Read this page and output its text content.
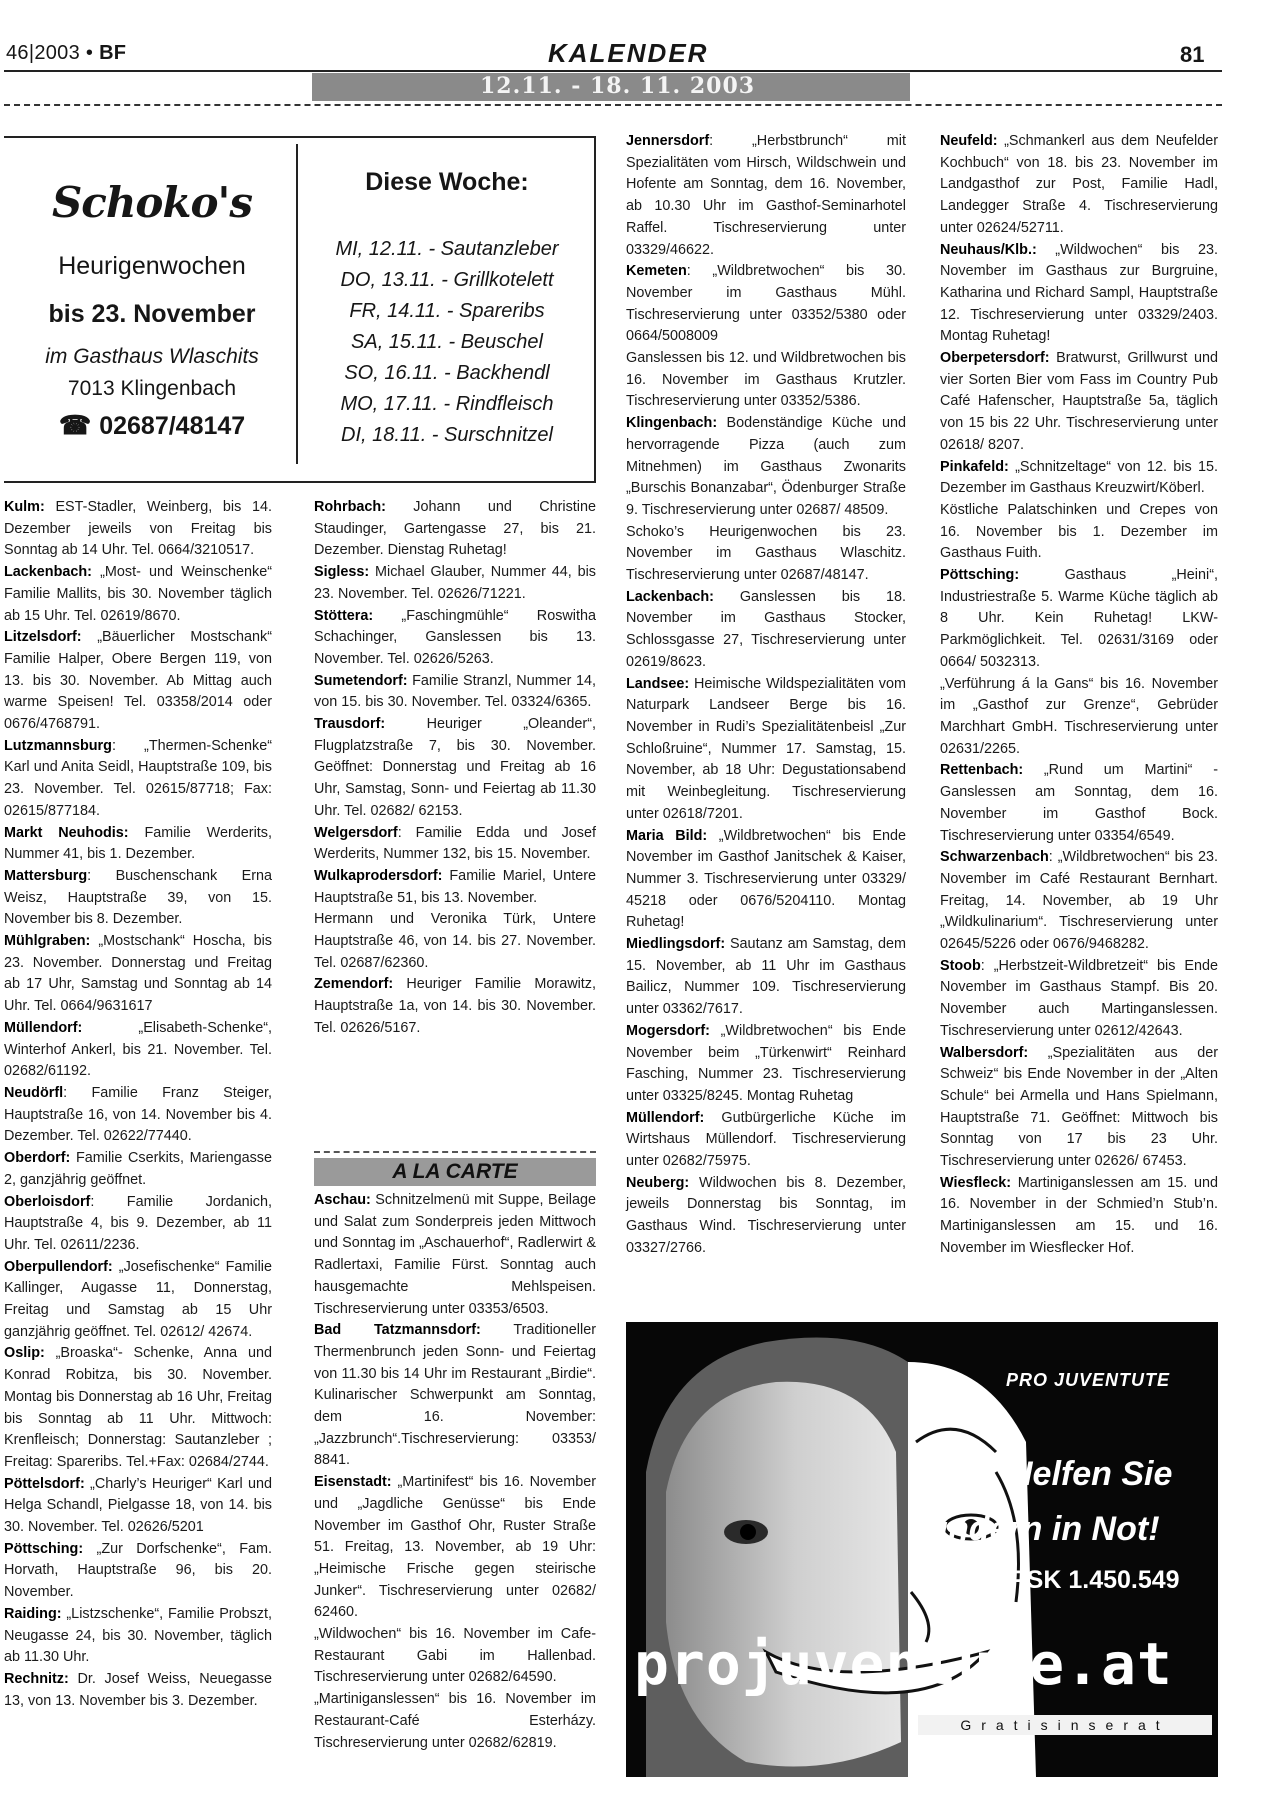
46|2003 • BF	KALENDER	81
12.11. - 18. 11. 2003
Schoko's
Heurigenwochen
bis 23. November
im Gasthaus Wlaschits
7013 Klingenbach
☎ 02687/48147
Diese Woche:
MI, 12.11. - Sautanzleber
DO, 13.11. - Grillkotelett
FR, 14.11. - Spareribs
SA, 15.11. - Beuschel
SO, 16.11. - Backhendl
MO, 17.11. - Rindfleisch
DI, 18.11. - Surschnitzel

Kulm: EST-Stadler, Weinberg, bis 14. Dezember jeweils von Freitag bis Sonntag ab 14 Uhr. Tel. 0664/3210517.

Lackenbach: „Most- und Weinschenke“ Familie Mallits, bis 30. November täglich ab 15 Uhr. Tel. 02619/8670.

Litzelsdorf: „Bäuerlicher Mostschank“ Familie Halper, Obere Bergen 119, von 13. bis 30. November. Ab Mittag auch warme Speisen! Tel. 03358/2014 oder 0676/4768791.

Lutzmannsburg: „Thermen-Schenke“ Karl und Anita Seidl, Hauptstraße 109, bis 23. November. Tel. 02615/87718; Fax: 02615/877184.

Markt Neuhodis: Familie Werderits, Nummer 41, bis 1. Dezember.

Mattersburg: Buschenschank Erna Weisz, Hauptstraße 39, von 15. November bis 8. Dezember.

Mühlgraben: „Mostschank“ Hoscha, bis 23. November. Donnerstag und Freitag ab 17 Uhr, Samstag und Sonntag ab 14 Uhr. Tel. 0664/9631617

Müllendorf: „Elisabeth-Schenke“, Winterhof Ankerl, bis 21. November. Tel. 02682/61192.

Neudörfl: Familie Franz Steiger, Hauptstraße 16, von 14. November bis 4. Dezember. Tel. 02622/77440.

Oberdorf: Familie Cserkits, Mariengasse 2, ganzjährig geöffnet.

Oberloisdorf: Familie Jordanich, Hauptstraße 4, bis 9. Dezember, ab 11 Uhr. Tel. 02611/2236.

Oberpullendorf: „Josefischenke“ Familie Kallinger, Augasse 11, Donnerstag, Freitag und Samstag ab 15 Uhr ganzjährig geöffnet. Tel. 02612/ 42674.

Oslip: „Broaska“- Schenke, Anna und Konrad Robitza, bis 30. November. Montag bis Donnerstag ab 16 Uhr, Freitag bis Sonntag ab 11 Uhr. Mittwoch: Krenfleisch; Donnerstag: Sautanzleber ; Freitag: Spareribs. Tel.+Fax: 02684/2744.

Pöttelsdorf: „Charly’s Heuriger“ Karl und Helga Schandl, Pielgasse 18, von 14. bis 30. November. Tel. 02626/5201

Pöttsching: „Zur Dorfschenke“, Fam. Horvath, Hauptstraße 96, bis 20. November.

Raiding: „Listzschenke“, Familie Probszt, Neugasse 24, bis 30. November, täglich ab 11.30 Uhr.

Rechnitz: Dr. Josef Weiss, Neuegasse 13, von 13. November bis 3. Dezember.

Rohrbach: Johann und Christine Staudinger, Gartengasse 27, bis 21. Dezember. Dienstag Ruhetag!

Sigless: Michael Glauber, Nummer 44, bis 23. November. Tel. 02626/71221.

Stöttera: „Faschingmühle“ Roswitha Schachinger, Ganslessen bis 13. November. Tel. 02626/5263.

Sumetendorf: Familie Stranzl, Nummer 14, von 15. bis 30. November. Tel. 03324/6365.

Trausdorf: Heuriger „Oleander“, Flugplatzstraße 7, bis 30. November. Geöffnet: Donnerstag und Freitag ab 16 Uhr, Samstag, Sonn- und Feiertag ab 11.30 Uhr. Tel. 02682/ 62153.

Welgersdorf: Familie Edda und Josef Werderits, Nummer 132, bis 15. November.

Wulkaprodersdorf: Familie Mariel, Untere Hauptstraße 51, bis 13. November.

Hermann und Veronika Türk, Untere Hauptstraße 46, von 14. bis 27. November. Tel. 02687/62360.

Zemendorf: Heuriger Familie Morawitz, Hauptstraße 1a, von 14. bis 30. November. Tel. 02626/5167.

A LA CARTE

Aschau: Schnitzelmenü mit Suppe, Beilage und Salat zum Sonderpreis jeden Mittwoch und Sonntag im „Aschauerhof“, Radlerwirt & Radlertaxi, Familie Fürst. Sonntag auch hausgemachte Mehlspeisen. Tischreservierung unter 03353/6503.

Bad Tatzmannsdorf: Traditioneller Thermenbrunch jeden Sonn- und Feiertag von 11.30 bis 14 Uhr im Restaurant „Birdie“. Kulinarischer Schwerpunkt am Sonntag, dem 16. November: „Jazzbrunch“.Tischreservierung: 03353/ 8841.

Eisenstadt: „Martinifest“ bis 16. November und „Jagdliche Genüsse“ bis Ende November im Gasthof Ohr, Ruster Straße 51. Freitag, 13. November, ab 19 Uhr: „Heimische Frische gegen steirische Junker“. Tischreservierung unter 02682/ 62460.

„Wildwochen“ bis 16. November im Cafe-Restaurant Gabi im Hallenbad. Tischreservierung unter 02682/64590.

„Martiniganslessen“ bis 16. November im Restaurant-Café Esterházy. Tischreservierung unter 02682/62819.

Jennersdorf: „Herbstbrunch“ mit Spezialitäten vom Hirsch, Wildschwein und Hofente am Sonntag, dem 16. November, ab 10.30 Uhr im Gasthof-Seminarhotel Raffel. Tischreservierung unter 03329/46622.

Kemeten: „Wildbretwochen“ bis 30. November im Gasthaus Mühl. Tischreservierung unter 03352/5380 oder 0664/5008009

Ganslessen bis 12. und Wildbretwochen bis 16. November im Gasthaus Krutzler. Tischreservierung unter 03352/5386.

Klingenbach: Bodenständige Küche und hervorragende Pizza (auch zum Mitnehmen) im Gasthaus Zwonarits „Burschis Bonanzabar“, Ödenburger Straße 9. Tischreservierung unter 02687/ 48509.

Schoko’s Heurigenwochen bis 23. November im Gasthaus Wlaschitz. Tischreservierung unter 02687/48147.

Lackenbach: Ganslessen bis 18. November im Gasthaus Stocker, Schlossgasse 27, Tischreservierung unter 02619/8623.

Landsee: Heimische Wildspezialitäten vom Naturpark Landseer Berge bis 16. November in Rudi’s Spezialitätenbeisl „Zur Schloßruine“, Nummer 17. Samstag, 15. November, ab 18 Uhr: Degustationsabend mit Weinbegleitung. Tischreservierung unter 02618/7201.

Maria Bild: „Wildbretwochen“ bis Ende November im Gasthof Janitschek & Kaiser, Nummer 3. Tischreservierung unter 03329/ 45218 oder 0676/5204110. Montag Ruhetag!

Miedlingsdorf: Sautanz am Samstag, dem 15. November, ab 11 Uhr im Gasthaus Bailicz, Nummer 109. Tischreservierung unter 03362/7617.

Mogersdorf: „Wildbretwochen“ bis Ende November beim „Türkenwirt“ Reinhard Fasching, Nummer 23. Tischreservierung unter 03325/8245. Montag Ruhetag

Müllendorf: Gutbürgerliche Küche im Wirtshaus Müllendorf. Tischreservierung unter 02682/75975.

Neuberg: Wildwochen bis 8. Dezember, jeweils Donnerstag bis Sonntag, im Gasthaus Wind. Tischreservierung unter 03327/2766.

Neufeld: „Schmankerl aus dem Neufelder Kochbuch“ von 18. bis 23. November im Landgasthof zur Post, Familie Hadl, Landegger Straße 4. Tischreservierung unter 02624/52711.

Neuhaus/Klb.: „Wildwochen“ bis 23. November im Gasthaus zur Burgruine, Katharina und Richard Sampl, Hauptstraße 12. Tischreservierung unter 03329/2403. Montag Ruhetag!

Oberpetersdorf: Bratwurst, Grillwurst und vier Sorten Bier vom Fass im Country Pub Café Hafenscher, Hauptstraße 5a, täglich von 15 bis 22 Uhr. Tischreservierung unter 02618/ 8207.

Pinkafeld: „Schnitzeltage“ von 12. bis 15. Dezember im Gasthaus Kreuzwirt/Köberl.

Köstliche Palatschinken und Crepes von 16. November bis 1. Dezember im Gasthaus Fuith.

Pöttsching: Gasthaus „Heini“, Industriestraße 5. Warme Küche täglich ab 8 Uhr. Kein Ruhetag! LKW-Parkmöglichkeit. Tel. 02631/3169 oder 0664/ 5032313.

„Verführung á la Gans“ bis 16. November im „Gasthof zur Grenze“, Gebrüder Marchhart GmbH. Tischreservierung unter 02631/2265.

Rettenbach: „Rund um Martini“ - Ganslessen am Sonntag, dem 16. November im Gasthof Bock. Tischreservierung unter 03354/6549.

Schwarzenbach: „Wildbretwochen“ bis 23. November im Café Restaurant Bernhart. Freitag, 14. November, ab 19 Uhr „Wildkulinarium“. Tischreservierung unter 02645/5226 oder 0676/9468282.

Stoob: „Herbstzeit-Wildbretzeit“ bis Ende November im Gasthaus Stampf. Bis 20. November auch Martinganslessen. Tischreservierung unter 02612/42643.

Walbersdorf: „Spezialitäten aus der Schweiz“ bis Ende November in der „Alten Schule“ bei Armella und Hans Spielmann, Hauptstraße 71. Geöffnet: Mittwoch bis Sonntag von 17 bis 23 Uhr. Tischreservierung unter 02626/ 67453.

Wiesfleck: Martiniganslessen am 15. und 16. November in der Schmied’n Stub’n. Martiniganslessen am 15. und 16. November im Wiesflecker Hof.

PRO JUVENTUTE
Helfen Sie
Kindern in Not!
PSK 1.450.549
projuventute.at
Gratisinserat
